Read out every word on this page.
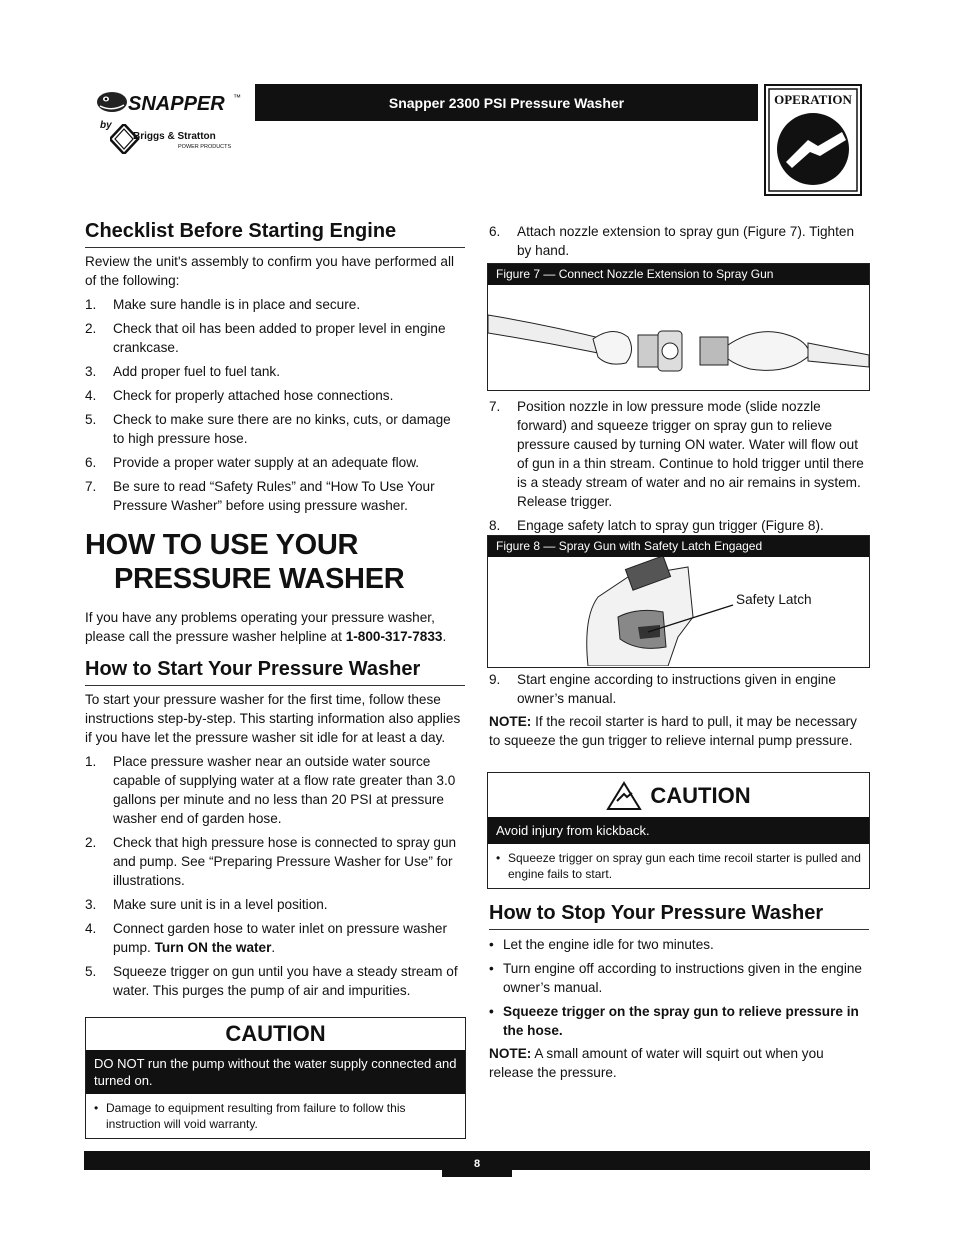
SNAPPER ™
by
Briggs & Stratton
POWER PRODUCTS
Snapper 2300 PSI Pressure Washer	OPERATION
Checklist Before Starting Engine

Review the unit's assembly to confirm you have performed all of the following:

1. Make sure handle is in place and secure.
2. Check that oil has been added to proper level in engine crankcase.
3. Add proper fuel to fuel tank.
4. Check for properly attached hose connections.
5. Check to make sure there are no kinks, cuts, or damage to high pressure hose.
6. Provide a proper water supply at an adequate flow.
7. Be sure to read “Safety Rules” and “How To Use Your Pressure Washer” before using pressure washer.
HOW TO USE YOUR
PRESSURE WASHER

If you have any problems operating your pressure washer, please call the pressure washer helpline at 1-800-317-7833.

How to Start Your Pressure Washer

To start your pressure washer for the first time, follow these instructions step-by-step. This starting information also applies if you have let the pressure washer sit idle for at least a day.

1. Place pressure washer near an outside water source capable of supplying water at a flow rate greater than 3.0 gallons per minute and no less than 20 PSI at pressure washer end of garden hose.
2. Check that high pressure hose is connected to spray gun and pump. See “Preparing Pressure Washer for Use” for illustrations.
3. Make sure unit is in a level position.
4. Connect garden hose to water inlet on pressure washer pump. Turn ON the water.
5. Squeeze trigger on gun until you have a steady stream of water. This purges the pump of air and impurities.
CAUTION
DO NOT run the pump without the water supply connected and turned on.
• Damage to equipment resulting from failure to follow this instruction will void warranty.
6. Attach nozzle extension to spray gun (Figure 7). Tighten by hand.
Figure 7 — Connect Nozzle Extension to Spray Gun
7. Position nozzle in low pressure mode (slide nozzle forward) and squeeze trigger on spray gun to relieve pressure caused by turning ON water. Water will flow out of gun in a thin stream. Continue to hold trigger until there is a steady stream of water and no air remains in system. Release trigger.
8. Engage safety latch to spray gun trigger (Figure 8).
Figure 8 — Spray Gun with Safety Latch Engaged
Safety Latch
9. Start engine according to instructions given in engine owner’s manual.

NOTE: If the recoil starter is hard to pull, it may be necessary to squeeze the gun trigger to relieve internal pump pressure.

CAUTION
Avoid injury from kickback.
• Squeeze trigger on spray gun each time recoil starter is pulled and engine fails to start.
How to Stop Your Pressure Washer
• Let the engine idle for two minutes.
• Turn engine off according to instructions given in the engine owner’s manual.
• Squeeze trigger on the spray gun to relieve pressure in the hose.

NOTE: A small amount of water will squirt out when you release the pressure.

8
